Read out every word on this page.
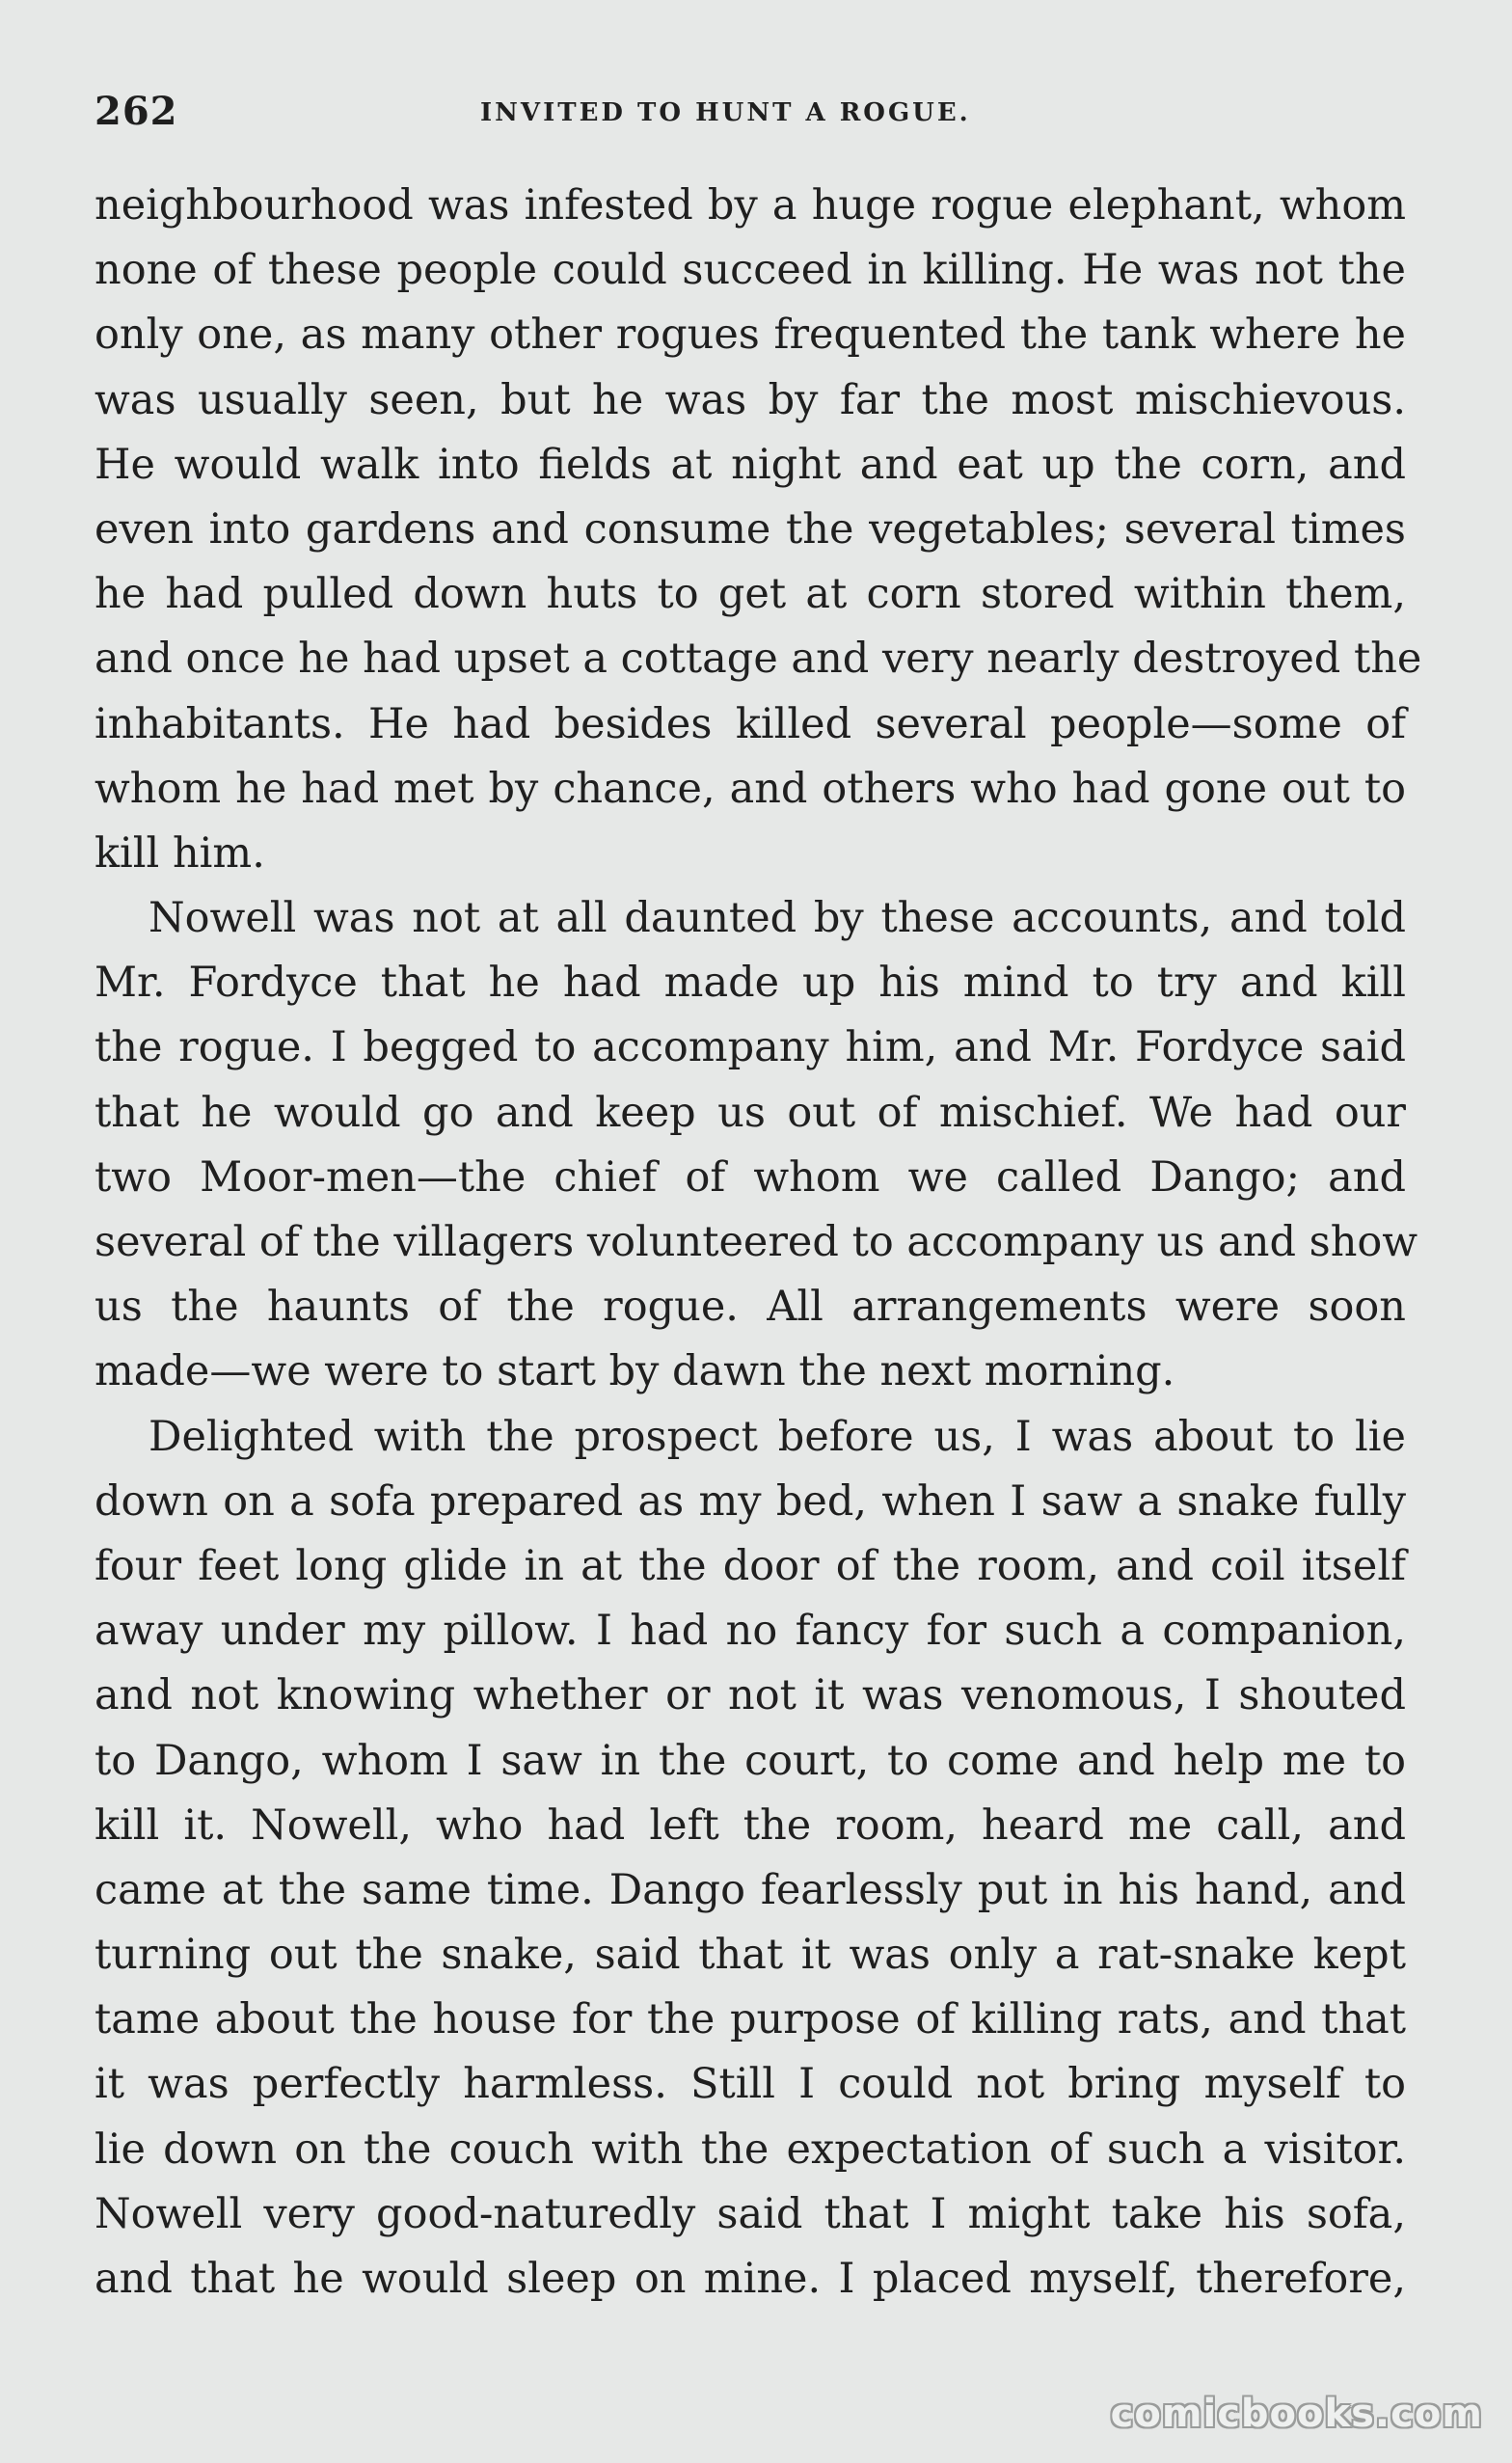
262	INVITED TO HUNT A ROGUE.
neighbourhood was infested by a huge rogue elephant, whom
none of these people could succeed in killing. He was not the
only one, as many other rogues frequented the tank where he
was usually seen, but he was by far the most mischievous.
He would walk into fields at night and eat up the corn, and
even into gardens and consume the vegetables; several times
he had pulled down huts to get at corn stored within them,
and once he had upset a cottage and very nearly destroyed the
inhabitants. He had besides killed several people—some of
whom he had met by chance, and others who had gone out to
kill him.
Nowell was not at all daunted by these accounts, and told
Mr. Fordyce that he had made up his mind to try and kill
the rogue. I begged to accompany him, and Mr. Fordyce said
that he would go and keep us out of mischief. We had our
two Moor-men—the chief of whom we called Dango; and
several of the villagers volunteered to accompany us and show
us the haunts of the rogue. All arrangements were soon
made—we were to start by dawn the next morning.
Delighted with the prospect before us, I was about to lie
down on a sofa prepared as my bed, when I saw a snake fully
four feet long glide in at the door of the room, and coil itself
away under my pillow. I had no fancy for such a companion,
and not knowing whether or not it was venomous, I shouted
to Dango, whom I saw in the court, to come and help me to
kill it. Nowell, who had left the room, heard me call, and
came at the same time. Dango fearlessly put in his hand, and
turning out the snake, said that it was only a rat-snake kept
tame about the house for the purpose of killing rats, and that
it was perfectly harmless. Still I could not bring myself to
lie down on the couch with the expectation of such a visitor.
Nowell very good-naturedly said that I might take his sofa,
and that he would sleep on mine. I placed myself, therefore,
comicbooks.com
